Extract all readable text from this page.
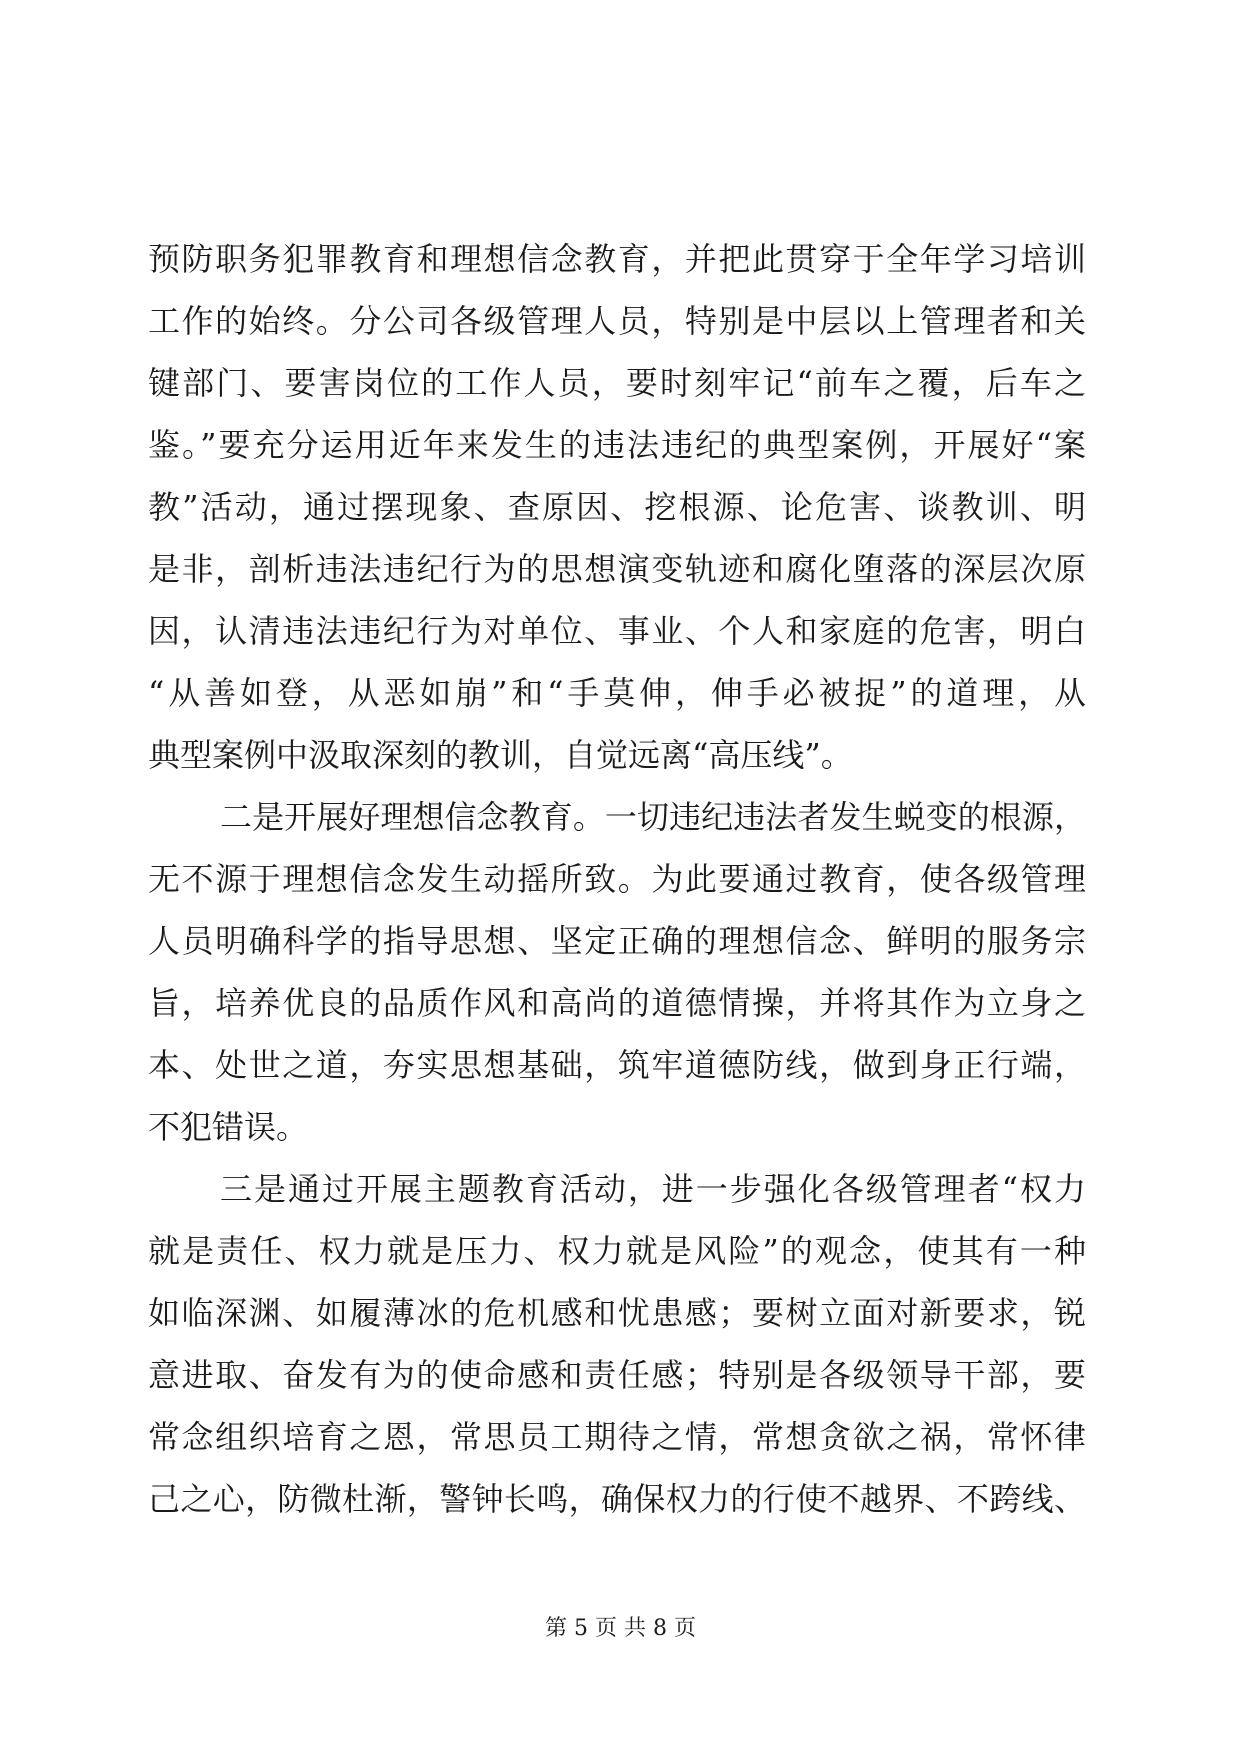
预防职务犯罪教育和理想信念教育，并把此贯穿于全年学习培训
工作的始终。分公司各级管理人员，特别是中层以上管理者和关
键部门、要害岗位的工作人员，要时刻牢记“前车之覆，后车之
鉴。”要充分运用近年来发生的违法违纪的典型案例，开展好“案
教”活动，通过摆现象、查原因、挖根源、论危害、谈教训、明
是非，剖析违法违纪行为的思想演变轨迹和腐化堕落的深层次原
因，认清违法违纪行为对单位、事业、个人和家庭的危害，明白
“从善如登，从恶如崩”和“手莫伸，伸手必被捉”的道理，从
典型案例中汲取深刻的教训，自觉远离“高压线”。
二是开展好理想信念教育。一切违纪违法者发生蜕变的根源，
无不源于理想信念发生动摇所致。为此要通过教育，使各级管理
人员明确科学的指导思想、坚定正确的理想信念、鲜明的服务宗
旨，培养优良的品质作风和高尚的道德情操，并将其作为立身之
本、处世之道，夯实思想基础，筑牢道德防线，做到身正行端，
不犯错误。
三是通过开展主题教育活动，进一步强化各级管理者“权力
就是责任、权力就是压力、权力就是风险”的观念，使其有一种
如临深渊、如履薄冰的危机感和忧患感；要树立面对新要求，锐
意进取、奋发有为的使命感和责任感；特别是各级领导干部，要
常念组织培育之恩，常思员工期待之情，常想贪欲之祸，常怀律
己之心，防微杜渐，警钟长鸣，确保权力的行使不越界、不跨线、
第 5 页 共 8 页
